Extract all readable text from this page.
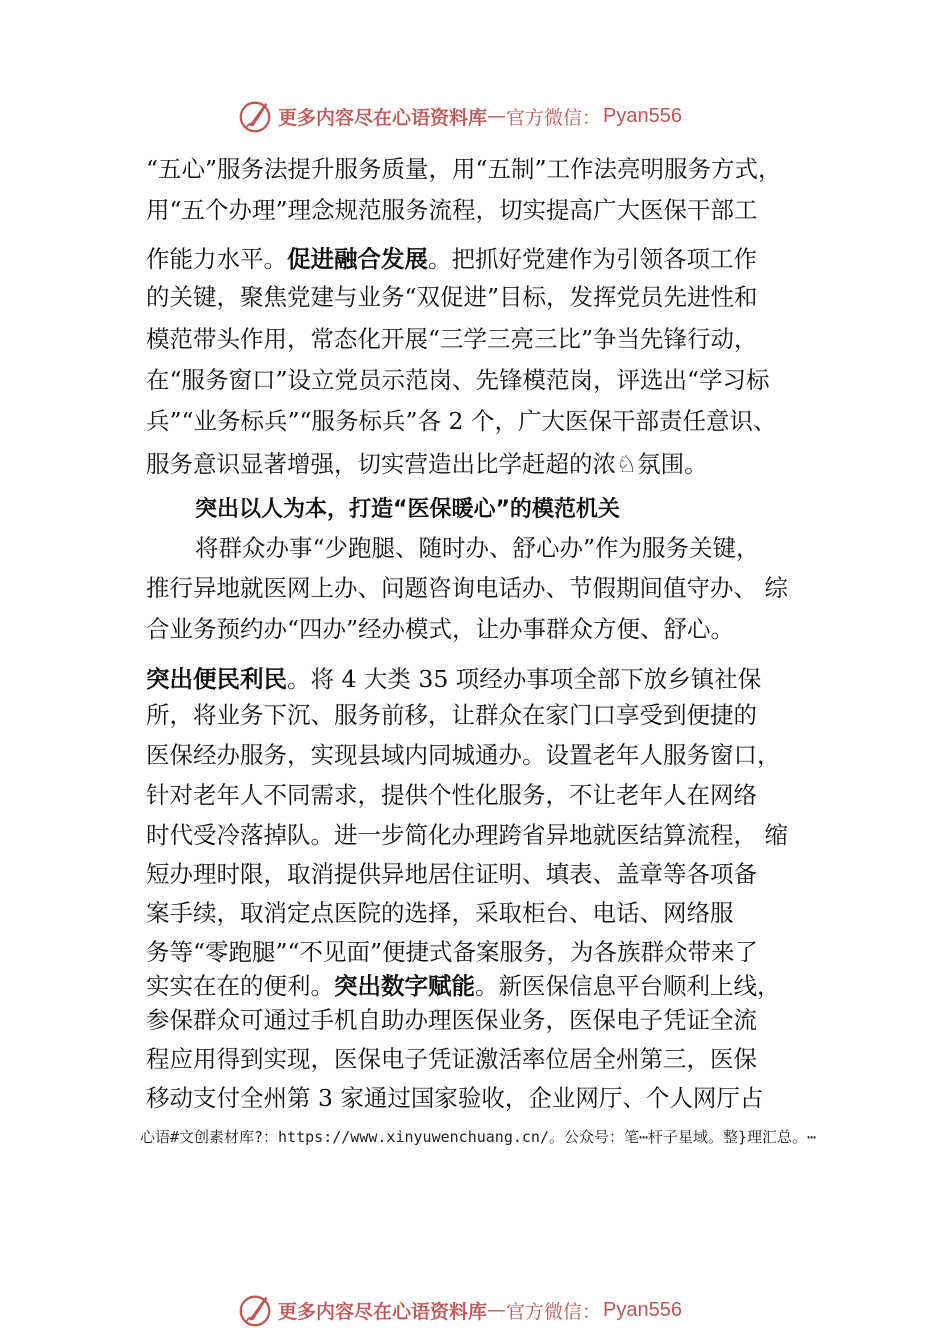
更多内容尽在心语资料库 — 官方微信： Pyan556
“五心”服务法提升服务质量，用“五制”工作法亮明服务方式，
用“五个办理”理念规范服务流程，切实提高广大医保干部工
作能力水平。促进融合发展。把抓好党建作为引领各项工作
的关键，聚焦党建与业务“双促进”目标，发挥党员先进性和
模范带头作用，常态化开展“三学三亮三比”争当先锋行动，
在“服务窗口”设立党员示范岗、先锋模范岗，评选出“学习标
兵”“业务标兵”“服务标兵”各 2 个，广大医保干部责任意识、
服务意识显著增强，切实营造出比学赶超的浓♘氛围。
突出以人为本，打造“医保暖心”的模范机关
将群众办事“少跑腿、随时办、舒心办”作为服务关键，
推行异地就医网上办、问题咨询电话办、节假期间值守办、 综
合业务预约办“四办”经办模式，让办事群众方便、舒心。
突出便民利民。将 4 大类 35 项经办事项全部下放乡镇社保
所，将业务下沉、服务前移，让群众在家门口享受到便捷的
医保经办服务，实现县域内同城通办。设置老年人服务窗口，
针对老年人不同需求，提供个性化服务，不让老年人在网络
时代受冷落掉队。进一步简化办理跨省异地就医结算流程， 缩
短办理时限，取消提供异地居住证明、填表、盖章等各项备
案手续，取消定点医院的选择，采取柜台、电话、网络服
务等“零跑腿”“不见面”便捷式备案服务，为各族群众带来了
实实在在的便利。突出数字赋能。新医保信息平台顺利上线，
参保群众可通过手机自助办理医保业务，医保电子凭证全流
程应用得到实现，医保电子凭证激活率位居全州第三，医保
移动支付全州第 3 家通过国家验收，企业网厅、个人网厅占
心语#文创素材库?：https://www.xinyuwenchuang.cn/。公众号：笔⋯杆子星域。整}理汇总。⋯
更多内容尽在心语资料库 — 官方微信： Pyan556
